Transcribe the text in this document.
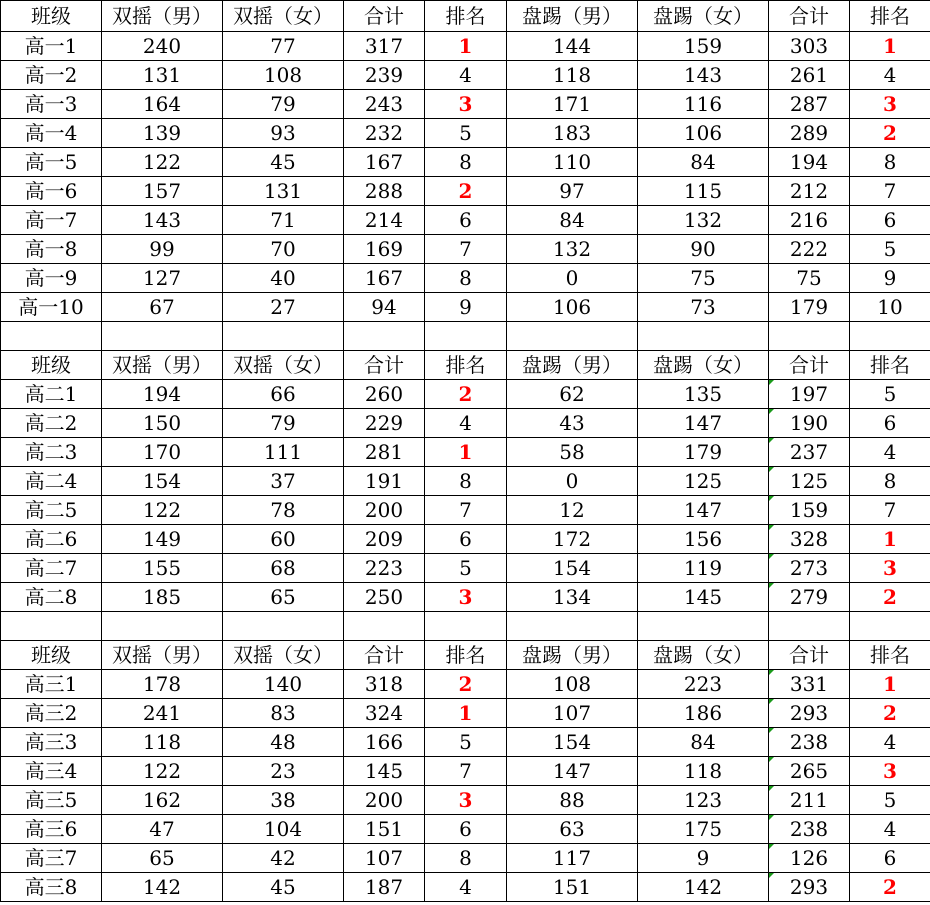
班级	双摇（男）	双摇（女）	合计	排名	盘踢（男）	盘踢（女）	合计	排名
高一1	240	77	317	1	144	159	303	1
高一2	131	108	239	4	118	143	261	4
高一3	164	79	243	3	171	116	287	3
高一4	139	93	232	5	183	106	289	2
高一5	122	45	167	8	110	84	194	8
高一6	157	131	288	2	97	115	212	7
高一7	143	71	214	6	84	132	216	6
高一8	99	70	169	7	132	90	222	5
高一9	127	40	167	8	0	75	75	9
高一10	67	27	94	9	106	73	179	10

班级	双摇（男）	双摇（女）	合计	排名	盘踢（男）	盘踢（女）	合计	排名
高二1	194	66	260	2	62	135	197	5
高二2	150	79	229	4	43	147	190	6
高二3	170	111	281	1	58	179	237	4
高二4	154	37	191	8	0	125	125	8
高二5	122	78	200	7	12	147	159	7
高二6	149	60	209	6	172	156	328	1
高二7	155	68	223	5	154	119	273	3
高二8	185	65	250	3	134	145	279	2

班级	双摇（男）	双摇（女）	合计	排名	盘踢（男）	盘踢（女）	合计	排名
高三1	178	140	318	2	108	223	331	1
高三2	241	83	324	1	107	186	293	2
高三3	118	48	166	5	154	84	238	4
高三4	122	23	145	7	147	118	265	3
高三5	162	38	200	3	88	123	211	5
高三6	47	104	151	6	63	175	238	4
高三7	65	42	107	8	117	9	126	6
高三8	142	45	187	4	151	142	293	2
